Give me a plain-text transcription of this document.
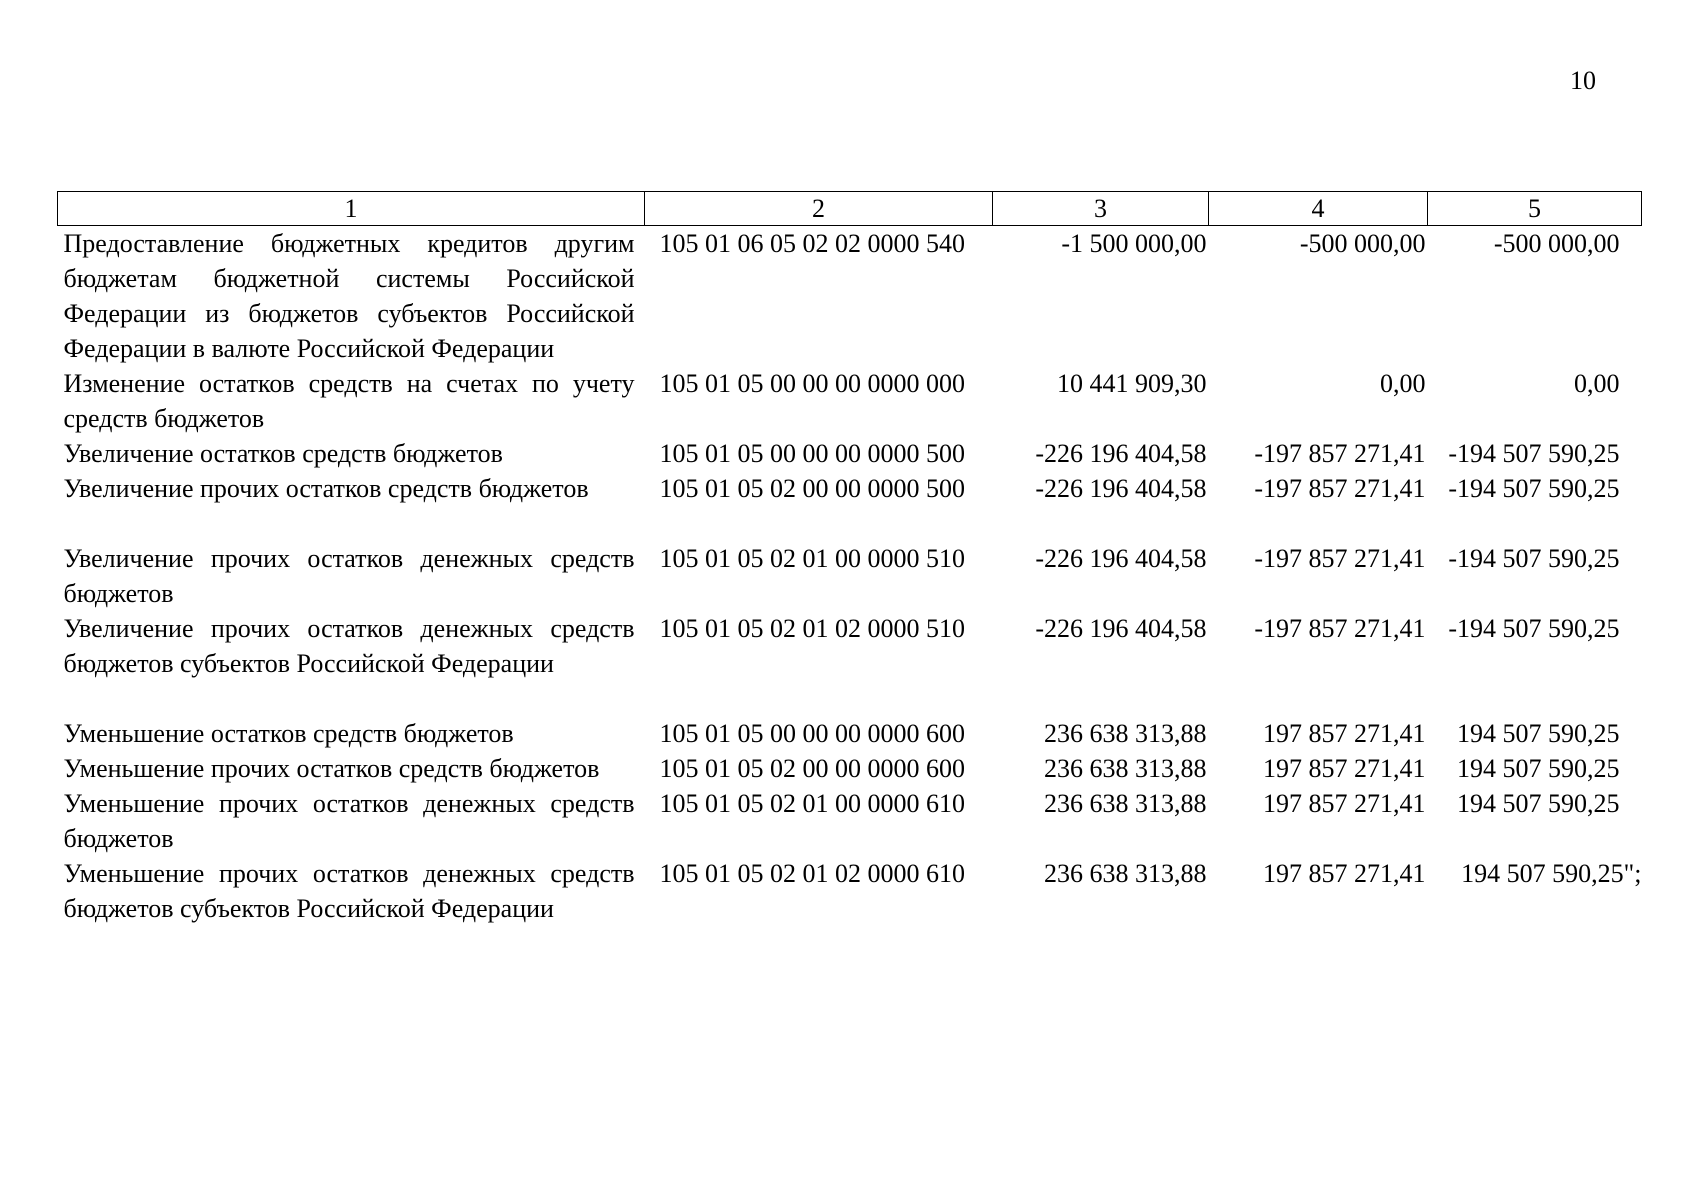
10
1	2	3	4	5
Предоставление бюджетных кредитов другим бюджетам бюджетной системы Российской Федерации из бюджетов субъектов Российской Федерации в валюте Российской Федерации	105 01 06 05 02 02 0000 540	-1 500 000,00	-500 000,00	-500 000,00
Изменение остатков средств на счетах по учету средств бюджетов	105 01 05 00 00 00 0000 000	10 441 909,30	0,00	0,00
Увеличение остатков средств бюджетов	105 01 05 00 00 00 0000 500	-226 196 404,58	-197 857 271,41	-194 507 590,25
Увеличение прочих остатков средств бюджетов	105 01 05 02 00 00 0000 500	-226 196 404,58	-197 857 271,41	-194 507 590,25
Увеличение прочих остатков денежных средств бюджетов	105 01 05 02 01 00 0000 510	-226 196 404,58	-197 857 271,41	-194 507 590,25
Увеличение прочих остатков денежных средств бюджетов субъектов Российской Федерации	105 01 05 02 01 02 0000 510	-226 196 404,58	-197 857 271,41	-194 507 590,25
Уменьшение остатков средств бюджетов	105 01 05 00 00 00 0000 600	236 638 313,88	197 857 271,41	194 507 590,25
Уменьшение прочих остатков средств бюджетов	105 01 05 02 00 00 0000 600	236 638 313,88	197 857 271,41	194 507 590,25
Уменьшение прочих остатков денежных средств бюджетов	105 01 05 02 01 00 0000 610	236 638 313,88	197 857 271,41	194 507 590,25
Уменьшение прочих остатков денежных средств бюджетов субъектов Российской Федерации	105 01 05 02 01 02 0000 610	236 638 313,88	197 857 271,41	194 507 590,25";
